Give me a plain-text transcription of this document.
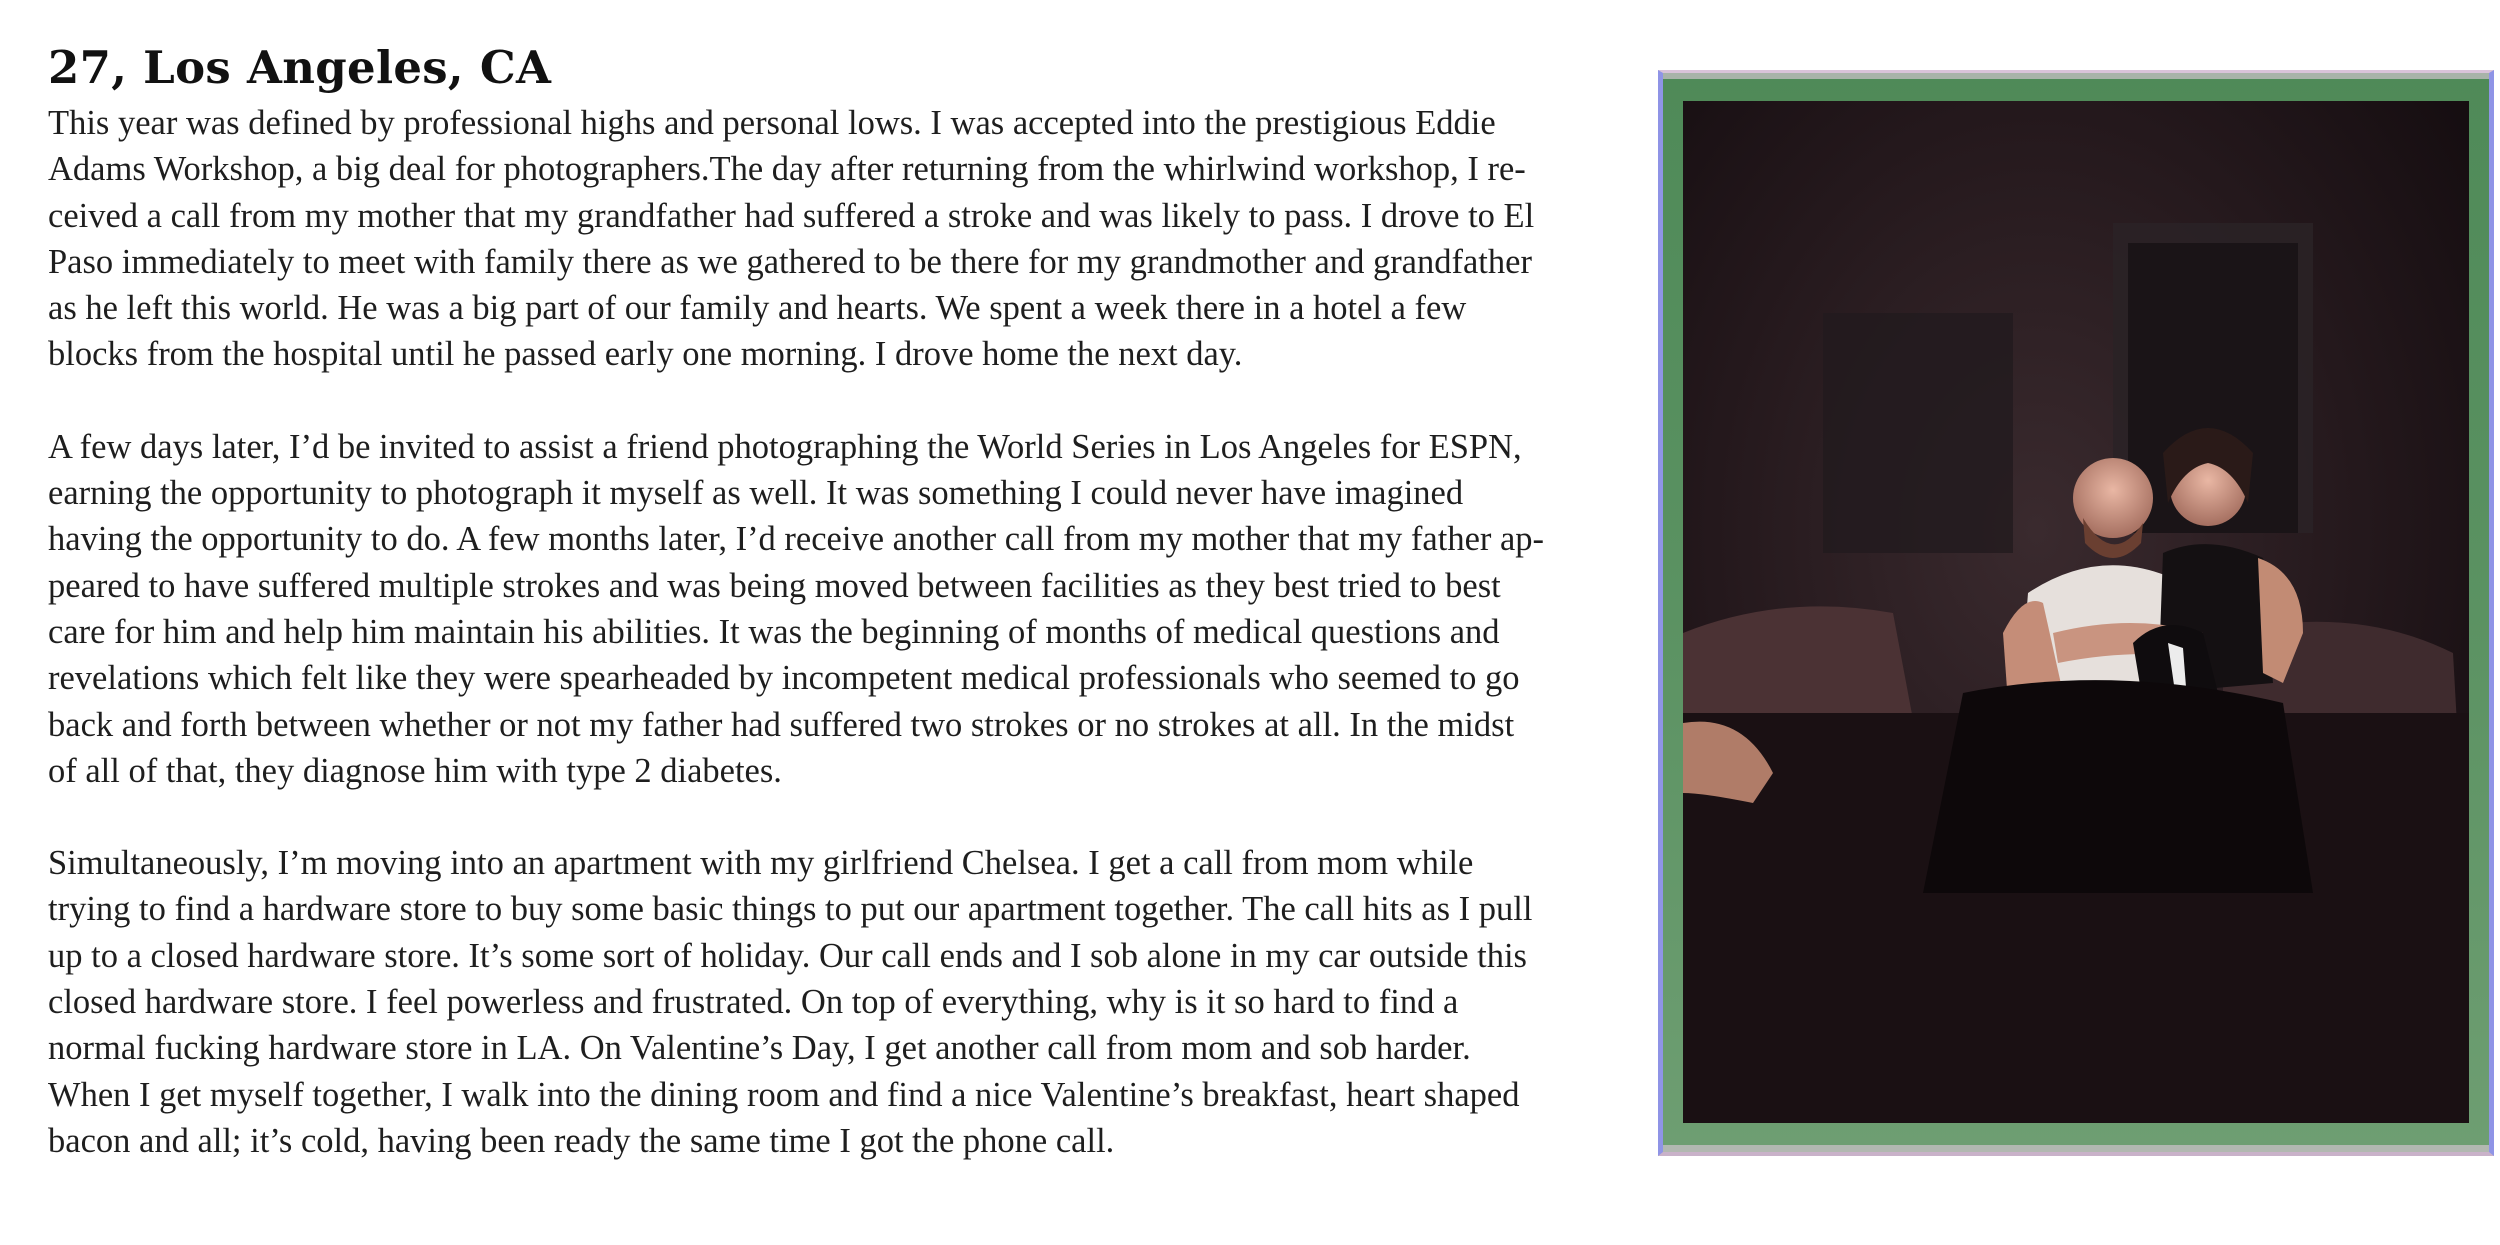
27, Los Angeles, CA
This year was defined by professional highs and personal lows. I was accepted into the prestigious Eddie
Adams Workshop, a big deal for photographers.The day after returning from the whirlwind workshop, I re-
ceived a call from my mother that my grandfather had suffered a stroke and was likely to pass. I drove to El
Paso immediately to meet with family there as we gathered to be there for my grandmother and grandfather
as he left this world. He was a big part of our family and hearts. We spent a week there in a hotel a few
blocks from the hospital until he passed early one morning. I drove home the next day.
A few days later, I’d be invited to assist a friend photographing the World Series in Los Angeles for ESPN,
earning the opportunity to photograph it myself as well. It was something I could never have imagined
having the opportunity to do. A few months later, I’d receive another call from my mother that my father ap-
peared to have suffered multiple strokes and was being moved between facilities as they best tried to best
care for him and help him maintain his abilities. It was the beginning of months of medical questions and
revelations which felt like they were spearheaded by incompetent medical professionals who seemed to go
back and forth between whether or not my father had suffered two strokes or no strokes at all. In the midst
of all of that, they diagnose him with type 2 diabetes.
Simultaneously, I’m moving into an apartment with my girlfriend Chelsea. I get a call from mom while
trying to find a hardware store to buy some basic things to put our apartment together. The call hits as I pull
up to a closed hardware store. It’s some sort of holiday. Our call ends and I sob alone in my car outside this
closed hardware store. I feel powerless and frustrated. On top of everything, why is it so hard to find a
normal fucking hardware store in LA. On Valentine’s Day, I get another call from mom and sob harder.
When I get myself together, I walk into the dining room and find a nice Valentine’s breakfast, heart shaped
bacon and all; it’s cold, having been ready the same time I got the phone call.
